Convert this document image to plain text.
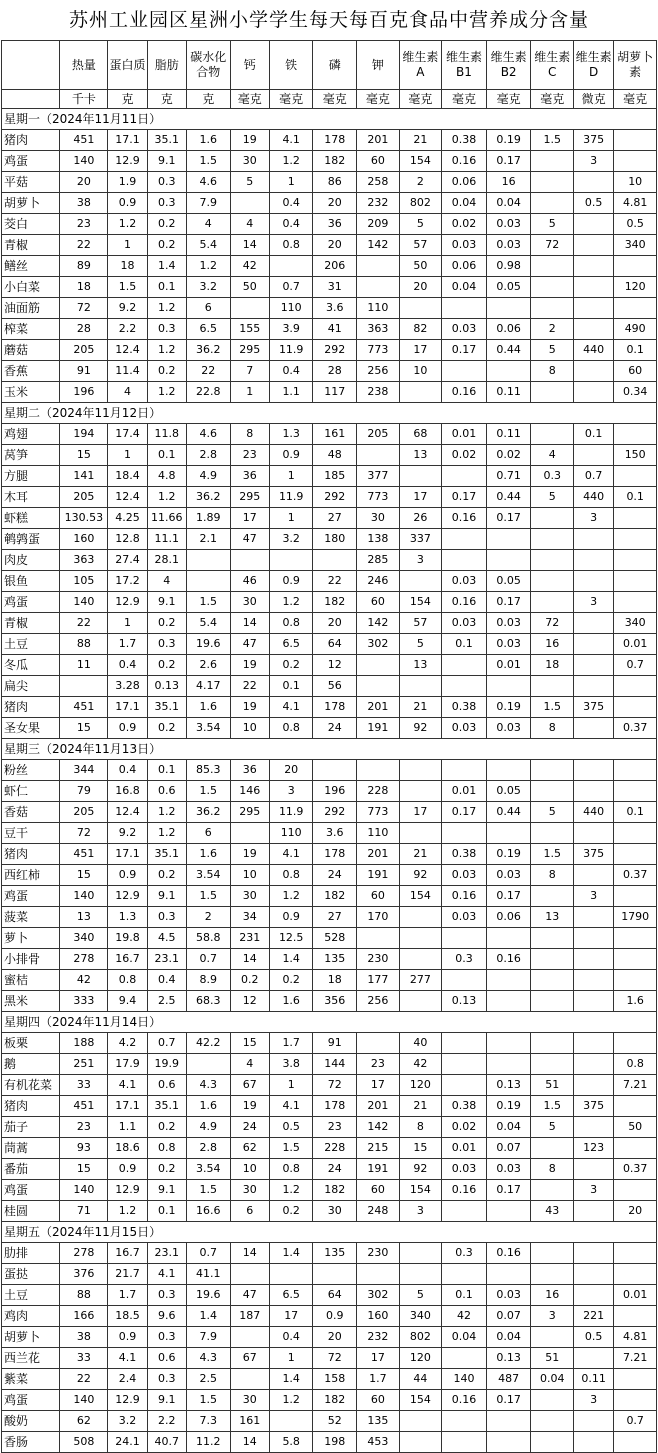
苏州工业园区星洲小学学生每天每百克食品中营养成分含量
	热量	蛋白质	脂肪	碳水化合物	钙	铁	磷	钾	维生素A	维生素B1	维生素B2	维生素C	维生素D	胡萝卜素
	千卡	克	克	克	毫克	毫克	毫克	毫克	毫克	毫克	毫克	毫克	微克	毫克
星期一（2024年11月11日）														
猪肉	451	17.1	35.1	1.6	19	4.1	178	201	21	0.38	0.19	1.5	375	
鸡蛋	140	12.9	9.1	1.5	30	1.2	182	60	154	0.16	0.17		3	
平菇	20	1.9	0.3	4.6	5	1	86	258	2	0.06	16			10
胡萝卜	38	0.9	0.3	7.9		0.4	20	232	802	0.04	0.04		0.5	4.81
茭白	23	1.2	0.2	4	4	0.4	36	209	5	0.02	0.03	5		0.5
青椒	22	1	0.2	5.4	14	0.8	20	142	57	0.03	0.03	72		340
鳝丝	89	18	1.4	1.2	42		206		50	0.06	0.98			
小白菜	18	1.5	0.1	3.2	50	0.7	31		20	0.04	0.05			120
油面筋	72	9.2	1.2	6		110	3.6	110						
榨菜	28	2.2	0.3	6.5	155	3.9	41	363	82	0.03	0.06	2		490
蘑菇	205	12.4	1.2	36.2	295	11.9	292	773	17	0.17	0.44	5	440	0.1
香蕉	91	11.4	0.2	22	7	0.4	28	256	10			8		60
玉米	196	4	1.2	22.8	1	1.1	117	238		0.16	0.11			0.34
星期二（2024年11月12日）														
鸡翅	194	17.4	11.8	4.6	8	1.3	161	205	68	0.01	0.11		0.1	
莴笋	15	1	0.1	2.8	23	0.9	48		13	0.02	0.02	4		150
方腿	141	18.4	4.8	4.9	36	1	185	377			0.71	0.3	0.7	
木耳	205	12.4	1.2	36.2	295	11.9	292	773	17	0.17	0.44	5	440	0.1
虾糕	130.53	4.25	11.66	1.89	17	1	27	30	26	0.16	0.17		3	
鹌鹑蛋	160	12.8	11.1	2.1	47	3.2	180	138	337					
肉皮	363	27.4	28.1					285	3					
银鱼	105	17.2	4		46	0.9	22	246		0.03	0.05			
鸡蛋	140	12.9	9.1	1.5	30	1.2	182	60	154	0.16	0.17		3	
青椒	22	1	0.2	5.4	14	0.8	20	142	57	0.03	0.03	72		340
土豆	88	1.7	0.3	19.6	47	6.5	64	302	5	0.1	0.03	16		0.01
冬瓜	11	0.4	0.2	2.6	19	0.2	12		13		0.01	18		0.7
扁尖		3.28	0.13	4.17	22	0.1	56							
猪肉	451	17.1	35.1	1.6	19	4.1	178	201	21	0.38	0.19	1.5	375	
圣女果	15	0.9	0.2	3.54	10	0.8	24	191	92	0.03	0.03	8		0.37
星期三（2024年11月13日）														
粉丝	344	0.4	0.1	85.3	36	20								
虾仁	79	16.8	0.6	1.5	146	3	196	228		0.01	0.05			
香菇	205	12.4	1.2	36.2	295	11.9	292	773	17	0.17	0.44	5	440	0.1
豆干	72	9.2	1.2	6		110	3.6	110						
猪肉	451	17.1	35.1	1.6	19	4.1	178	201	21	0.38	0.19	1.5	375	
西红柿	15	0.9	0.2	3.54	10	0.8	24	191	92	0.03	0.03	8		0.37
鸡蛋	140	12.9	9.1	1.5	30	1.2	182	60	154	0.16	0.17		3	
菠菜	13	1.3	0.3	2	34	0.9	27	170		0.03	0.06	13		1790
萝卜	340	19.8	4.5	58.8	231	12.5	528							
小排骨	278	16.7	23.1	0.7	14	1.4	135	230		0.3	0.16			
蜜桔	42	0.8	0.4	8.9	0.2	0.2	18	177	277					
黑米	333	9.4	2.5	68.3	12	1.6	356	256		0.13				1.6
星期四（2024年11月14日）														
板栗	188	4.2	0.7	42.2	15	1.7	91		40					
鹅	251	17.9	19.9		4	3.8	144	23	42					0.8
有机花菜	33	4.1	0.6	4.3	67	1	72	17	120		0.13	51		7.21
猪肉	451	17.1	35.1	1.6	19	4.1	178	201	21	0.38	0.19	1.5	375	
茄子	23	1.1	0.2	4.9	24	0.5	23	142	8	0.02	0.04	5		50
茼蒿	93	18.6	0.8	2.8	62	1.5	228	215	15	0.01	0.07		123	
番茄	15	0.9	0.2	3.54	10	0.8	24	191	92	0.03	0.03	8		0.37
鸡蛋	140	12.9	9.1	1.5	30	1.2	182	60	154	0.16	0.17		3	
桂圆	71	1.2	0.1	16.6	6	0.2	30	248	3			43		20
星期五（2024年11月15日）														
肋排	278	16.7	23.1	0.7	14	1.4	135	230		0.3	0.16			
蛋挞	376	21.7	4.1	41.1										
土豆	88	1.7	0.3	19.6	47	6.5	64	302	5	0.1	0.03	16		0.01
鸡肉	166	18.5	9.6	1.4	187	17	0.9	160	340	42	0.07	3	221	
胡萝卜	38	0.9	0.3	7.9		0.4	20	232	802	0.04	0.04		0.5	4.81
西兰花	33	4.1	0.6	4.3	67	1	72	17	120		0.13	51		7.21
紫菜	22	2.4	0.3	2.5		1.4	158	1.7	44	140	487	0.04	0.11	
鸡蛋	140	12.9	9.1	1.5	30	1.2	182	60	154	0.16	0.17		3	
酸奶	62	3.2	2.2	7.3	161		52	135						0.7
香肠	508	24.1	40.7	11.2	14	5.8	198	453						
